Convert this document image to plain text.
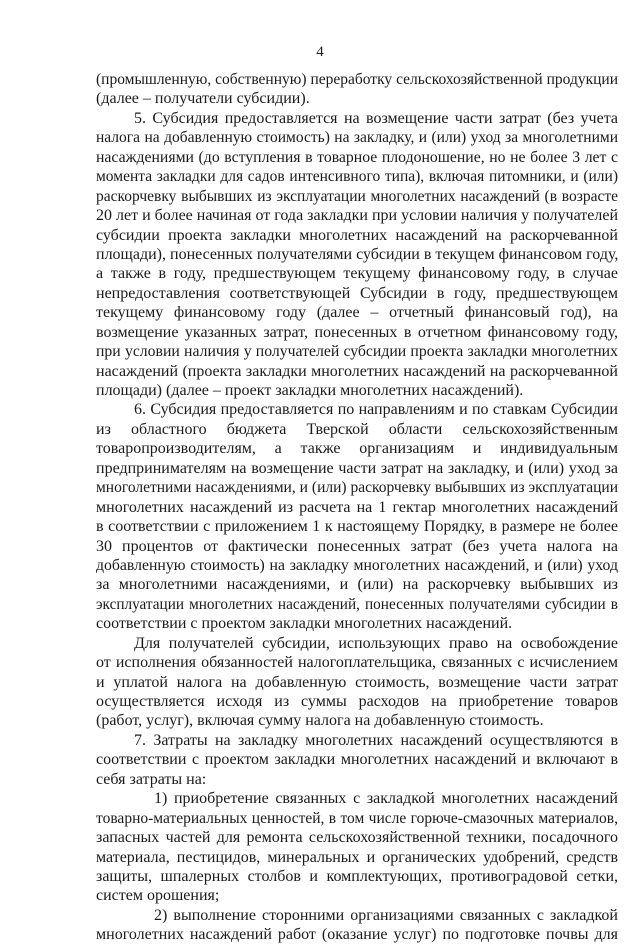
4
(промышленную, собственную) переработку сельскохозяйственной продукции
(далее – получатели субсидии).
5. Субсидия предоставляется на возмещение части затрат (без учета
налога на добавленную стоимость) на закладку, и (или) уход за многолетними
насаждениями (до вступления в товарное плодоношение, но не более 3 лет с
момента закладки для садов интенсивного типа), включая питомники, и (или)
раскорчевку выбывших из эксплуатации многолетних насаждений (в возрасте
20 лет и более начиная от года закладки при условии наличия у получателей
субсидии проекта закладки многолетних насаждений на раскорчеванной
площади), понесенных получателями субсидии в текущем финансовом году,
а также в году, предшествующем текущему финансовому году, в случае
непредоставления соответствующей Субсидии в году, предшествующем
текущему финансовому году (далее – отчетный финансовый год), на
возмещение указанных затрат, понесенных в отчетном финансовому году,
при условии наличия у получателей субсидии проекта закладки многолетних
насаждений (проекта закладки многолетних насаждений на раскорчеванной
площади) (далее – проект закладки многолетних насаждений).
6. Субсидия предоставляется по направлениям и по ставкам Субсидии
из областного бюджета Тверской области сельскохозяйственным
товаропроизводителям, а также организациям и индивидуальным
предпринимателям на возмещение части затрат на закладку, и (или) уход за
многолетними насаждениями, и (или) раскорчевку выбывших из эксплуатации
многолетних насаждений из расчета на 1 гектар многолетних насаждений
в соответствии с приложением 1 к настоящему Порядку, в размере не более
30 процентов от фактически понесенных затрат (без учета налога на
добавленную стоимость) на закладку многолетних насаждений, и (или) уход
за многолетними насаждениями, и (или) на раскорчевку выбывших из
эксплуатации многолетних насаждений, понесенных получателями субсидии в
соответствии с проектом закладки многолетних насаждений.
Для получателей субсидии, использующих право на освобождение
от исполнения обязанностей налогоплательщика, связанных с исчислением
и уплатой налога на добавленную стоимость, возмещение части затрат
осуществляется исходя из суммы расходов на приобретение товаров
(работ, услуг), включая сумму налога на добавленную стоимость.
7. Затраты на закладку многолетних насаждений осуществляются в
соответствии с проектом закладки многолетних насаждений и включают в
себя затраты на:
1) приобретение связанных с закладкой многолетних насаждений
товарно-материальных ценностей, в том числе горюче-смазочных материалов,
запасных частей для ремонта сельскохозяйственной техники, посадочного
материала, пестицидов, минеральных и органических удобрений, средств
защиты, шпалерных столбов и комплектующих, противоградовой сетки,
систем орошения;
2) выполнение сторонними организациями связанных с закладкой
многолетних насаждений работ (оказание услуг) по подготовке почвы для
